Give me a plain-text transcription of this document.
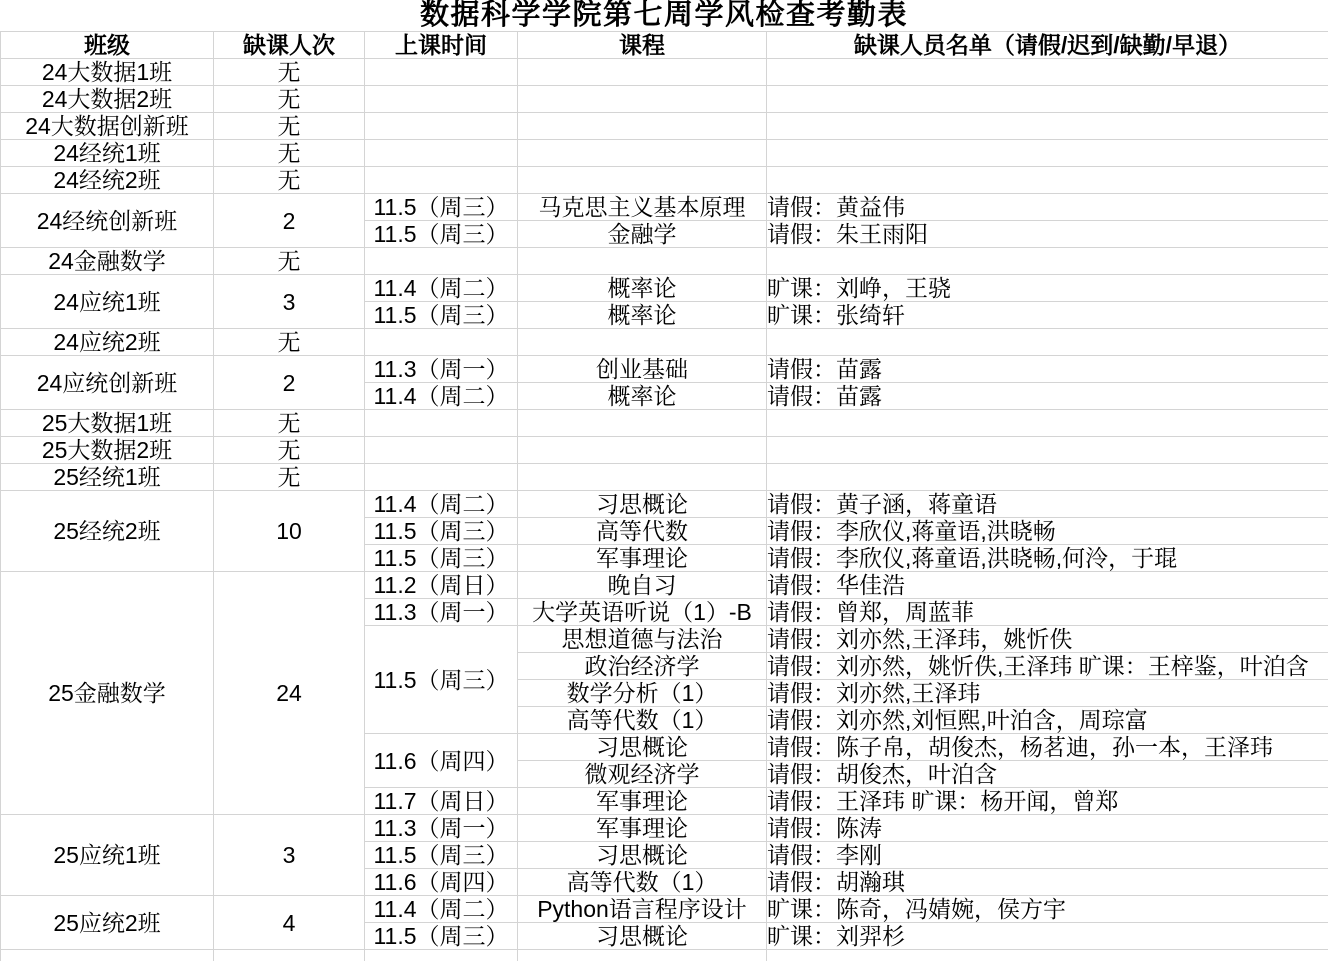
数据科学学院第七周学风检查考勤表
班级	缺课人次	上课时间	课程	缺课人员名单（请假/迟到/缺勤/早退）
24大数据1班	无			
24大数据2班	无			
24大数据创新班	无			
24经统1班	无			
24经统2班	无			
24经统创新班	2	11.5（周三）	马克思主义基本原理	请假：黄益伟
		11.5（周三）	金融学	请假：朱王雨阳
24金融数学	无			
24应统1班	3	11.4（周二）	概率论	旷课：刘峥，王骁
		11.5（周三）	概率论	旷课：张绮轩
24应统2班	无			
24应统创新班	2	11.3（周一）	创业基础	请假：苗露
		11.4（周二）	概率论	请假：苗露
25大数据1班	无			
25大数据2班	无			
25经统1班	无			
25经统2班	10	11.4（周二）	习思概论	请假：黄子涵，蒋童语
		11.5（周三）	高等代数	请假：李欣仪,蒋童语,洪晓畅
		11.5（周三）	军事理论	请假：李欣仪,蒋童语,洪晓畅,何泠，于琨
25金融数学	24	11.2（周日）	晚自习	请假：华佳浩
		11.3（周一）	大学英语听说（1）-B	请假：曾郑，周蓝菲
		11.5（周三）	思想道德与法治	请假：刘亦然,王泽玮，姚忻佚
			政治经济学	请假：刘亦然，姚忻佚,王泽玮 旷课：王梓鉴，叶泊含
			数学分析（1）	请假：刘亦然,王泽玮
			高等代数（1）	请假：刘亦然,刘恒熙,叶泊含，周琮富
		11.6（周四）	习思概论	请假：陈子帛，胡俊杰，杨茗迪，孙一本，王泽玮
			微观经济学	请假：胡俊杰，叶泊含
		11.7（周日）	军事理论	请假：王泽玮 旷课：杨开闻，曾郑
25应统1班	3	11.3（周一）	军事理论	请假：陈涛
		11.5（周三）	习思概论	请假：李刚
		11.6（周四）	高等代数（1）	请假：胡瀚琪
25应统2班	4	11.4（周二）	Python语言程序设计	旷课：陈奇，冯婧婉，侯方宇
		11.5（周三）	习思概论	旷课：刘羿杉
